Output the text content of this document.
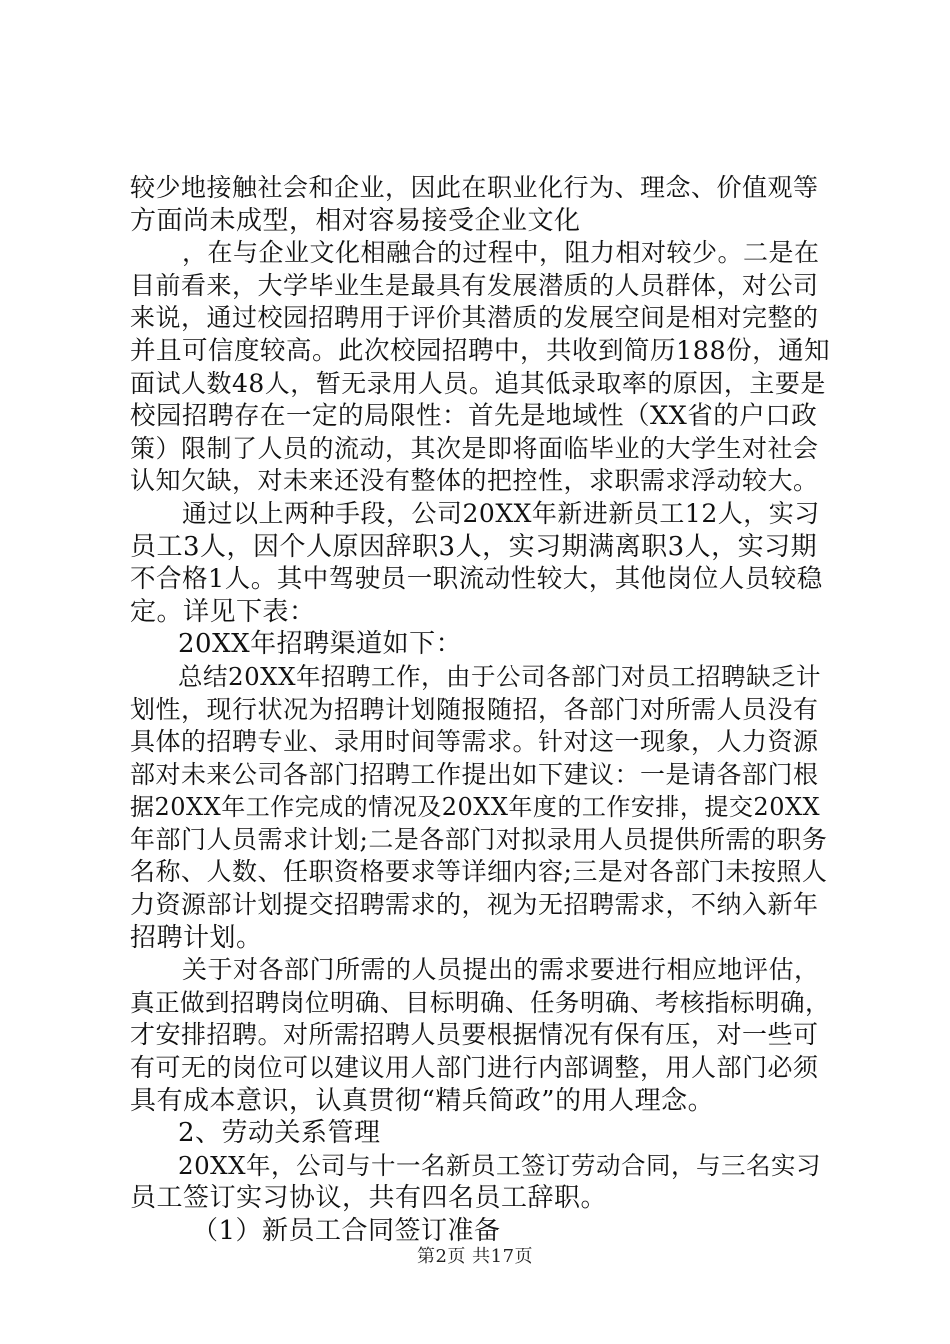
较少地接触社会和企业，因此在职业化行为、理念、价值观等
方面尚未成型，相对容易接受企业文化
，在与企业文化相融合的过程中，阻力相对较少。二是在
目前看来，大学毕业生是最具有发展潜质的人员群体，对公司
来说，通过校园招聘用于评价其潜质的发展空间是相对完整的
并且可信度较高。此次校园招聘中，共收到简历188份，通知
面试人数48人，暂无录用人员。追其低录取率的原因，主要是
校园招聘存在一定的局限性：首先是地域性（XX省的户口政
策）限制了人员的流动，其次是即将面临毕业的大学生对社会
认知欠缺，对未来还没有整体的把控性，求职需求浮动较大。
通过以上两种手段，公司20XX年新进新员工12人，实习
员工3人，因个人原因辞职3人，实习期满离职3人，实习期
不合格1人。其中驾驶员一职流动性较大，其他岗位人员较稳
定。详见下表：
20XX年招聘渠道如下：
总结20XX年招聘工作，由于公司各部门对员工招聘缺乏计
划性，现行状况为招聘计划随报随招，各部门对所需人员没有
具体的招聘专业、录用时间等需求。针对这一现象，人力资源
部对未来公司各部门招聘工作提出如下建议：一是请各部门根
据20XX年工作完成的情况及20XX年度的工作安排，提交20XX
年部门人员需求计划;二是各部门对拟录用人员提供所需的职务
名称、人数、任职资格要求等详细内容;三是对各部门未按照人
力资源部计划提交招聘需求的，视为无招聘需求，不纳入新年
招聘计划。
关于对各部门所需的人员提出的需求要进行相应地评估，
真正做到招聘岗位明确、目标明确、任务明确、考核指标明确，
才安排招聘。对所需招聘人员要根据情况有保有压，对一些可
有可无的岗位可以建议用人部门进行内部调整，用人部门必须
具有成本意识，认真贯彻“精兵简政”的用人理念。
2、劳动关系管理
20XX年，公司与十一名新员工签订劳动合同，与三名实习
员工签订实习协议，共有四名员工辞职。
（1）新员工合同签订准备
第2页 共17页
